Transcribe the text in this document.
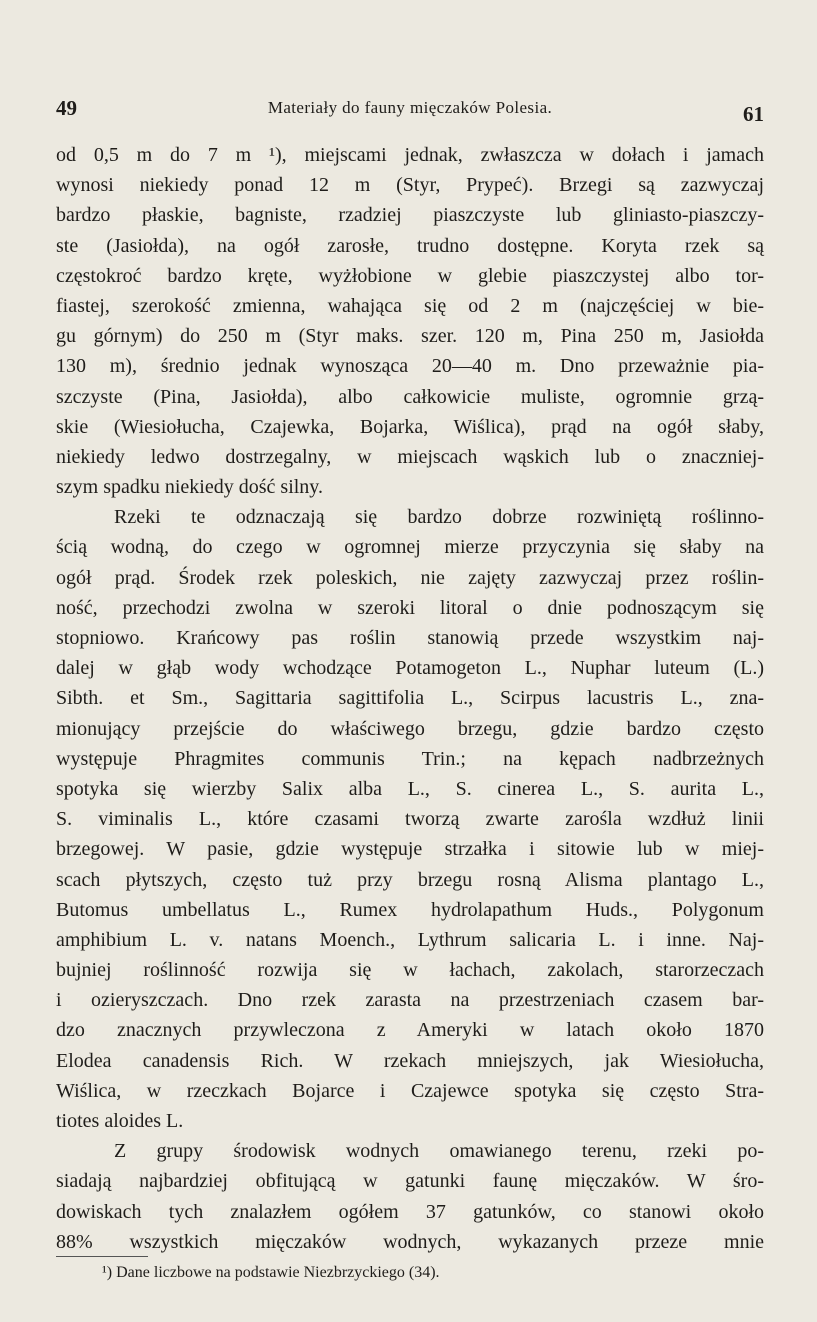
49	Materiały do fauny mięczaków Polesia.	61
od 0,5 m do 7 m ¹), miejscami jednak, zwłaszcza w dołach i jamach
wynosi niekiedy ponad 12 m (Styr, Prypeć). Brzegi są zazwyczaj
bardzo płaskie, bagniste, rzadziej piaszczyste lub gliniasto-piaszczy-
ste (Jasiołda), na ogół zarosłe, trudno dostępne. Koryta rzek są
częstokroć bardzo kręte, wyżłobione w glebie piaszczystej albo tor-
fiastej, szerokość zmienna, wahająca się od 2 m (najczęściej w bie-
gu górnym) do 250 m (Styr maks. szer. 120 m, Pina 250 m, Jasiołda
130 m), średnio jednak wynosząca 20—40 m. Dno przeważnie pia-
szczyste (Pina, Jasiołda), albo całkowicie muliste, ogromnie grzą-
skie (Wiesiołucha, Czajewka, Bojarka, Wiślica), prąd na ogół słaby,
niekiedy ledwo dostrzegalny, w miejscach wąskich lub o znaczniej-
szym spadku niekiedy dość silny.
Rzeki te odznaczają się bardzo dobrze rozwiniętą roślinno-
ścią wodną, do czego w ogromnej mierze przyczynia się słaby na
ogół prąd. Środek rzek poleskich, nie zajęty zazwyczaj przez roślin-
ność, przechodzi zwolna w szeroki litoral o dnie podnoszącym się
stopniowo. Krańcowy pas roślin stanowią przede wszystkim naj-
dalej w głąb wody wchodzące Potamogeton L., Nuphar luteum (L.)
Sibth. et Sm., Sagittaria sagittifolia L., Scirpus lacustris L., zna-
mionujący przejście do właściwego brzegu, gdzie bardzo często
występuje Phragmites communis Trin.; na kępach nadbrzeżnych
spotyka się wierzby Salix alba L., S. cinerea L., S. aurita L.,
S. viminalis L., które czasami tworzą zwarte zarośla wzdłuż linii
brzegowej. W pasie, gdzie występuje strzałka i sitowie lub w miej-
scach płytszych, często tuż przy brzegu rosną Alisma plantago L.,
Butomus umbellatus L., Rumex hydrolapathum Huds., Polygonum
amphibium L. v. natans Moench., Lythrum salicaria L. i inne. Naj-
bujniej roślinność rozwija się w łachach, zakolach, starorzeczach
i ozieryszczach. Dno rzek zarasta na przestrzeniach czasem bar-
dzo znacznych przywleczona z Ameryki w latach około 1870
Elodea canadensis Rich. W rzekach mniejszych, jak Wiesiołucha,
Wiślica, w rzeczkach Bojarce i Czajewce spotyka się często Stra-
tiotes aloides L.
Z grupy środowisk wodnych omawianego terenu, rzeki po-
siadają najbardziej obfitującą w gatunki faunę mięczaków. W śro-
dowiskach tych znalazłem ogółem 37 gatunków, co stanowi około
88% wszystkich mięczaków wodnych, wykazanych przeze mnie
¹) Dane liczbowe na podstawie Niezbrzyckiego (34).
